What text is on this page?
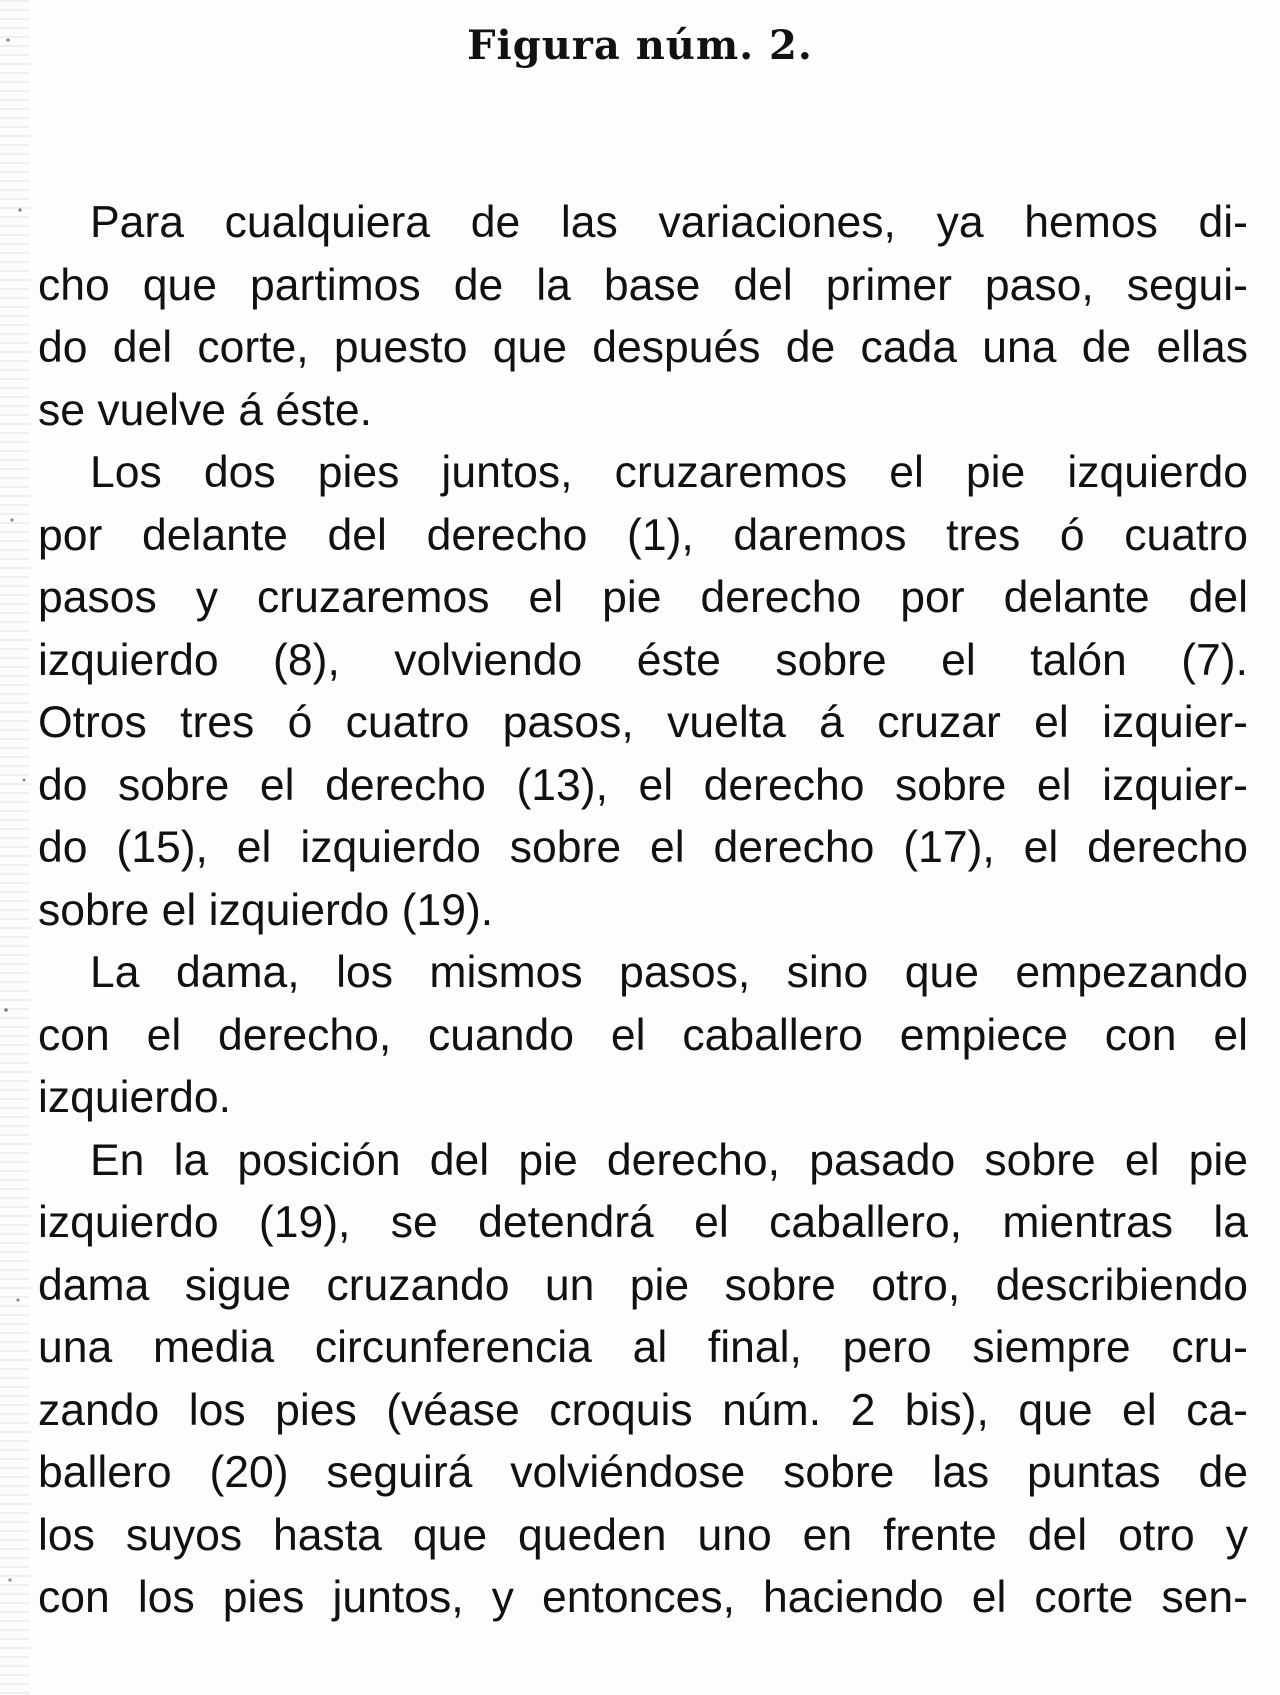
Figura núm. 2.
Para cualquiera de las variaciones, ya hemos di-
cho que partimos de la base del primer paso, segui-
do del corte, puesto que después de cada una de ellas
se vuelve á éste.
Los dos pies juntos, cruzaremos el pie izquierdo
por delante del derecho (1), daremos tres ó cuatro
pasos y cruzaremos el pie derecho por delante del
izquierdo (8), volviendo éste sobre el talón (7).
Otros tres ó cuatro pasos, vuelta á cruzar el izquier-
do sobre el derecho (13), el derecho sobre el izquier-
do (15), el izquierdo sobre el derecho (17), el derecho
sobre el izquierdo (19).
La dama, los mismos pasos, sino que empezando
con el derecho, cuando el caballero empiece con el
izquierdo.
En la posición del pie derecho, pasado sobre el pie
izquierdo (19), se detendrá el caballero, mientras la
dama sigue cruzando un pie sobre otro, describiendo
una media circunferencia al final, pero siempre cru-
zando los pies (véase croquis núm. 2 bis), que el ca-
ballero (20) seguirá volviéndose sobre las puntas de
los suyos hasta que queden uno en frente del otro y
con los pies juntos, y entonces, haciendo el corte sen-
